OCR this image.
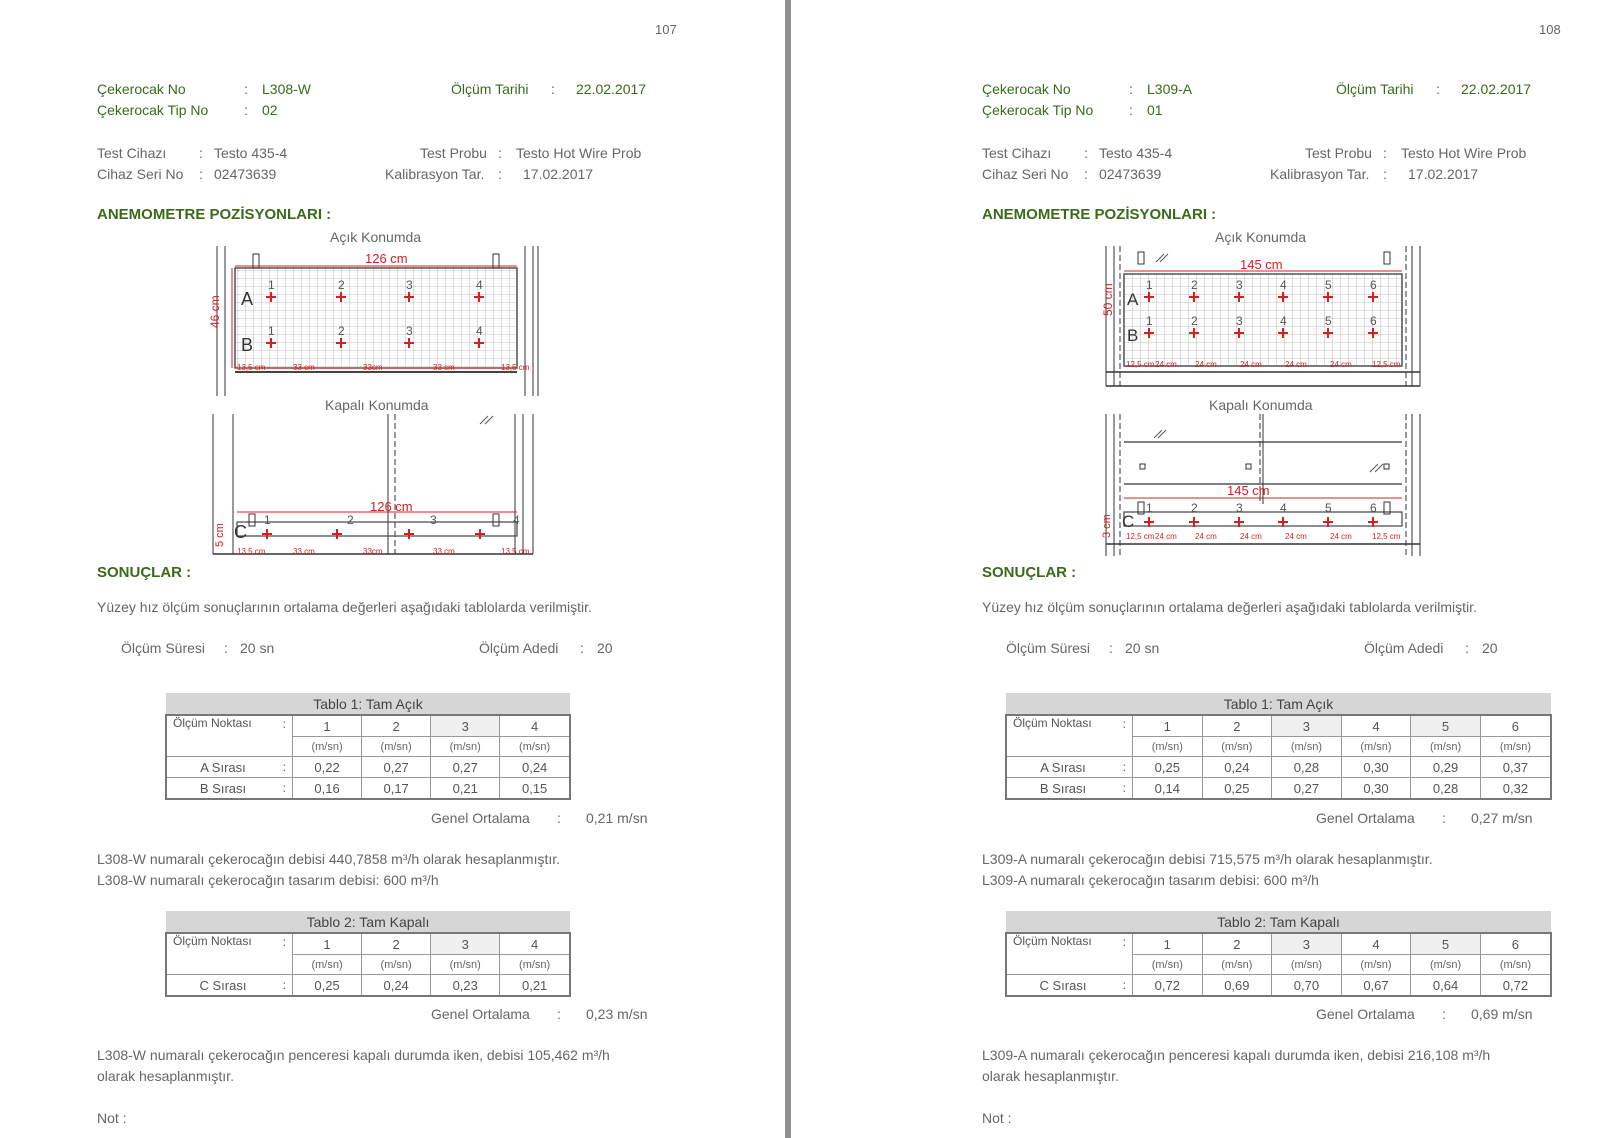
107
Çekerocak No	: L308-W	Ölçüm Tarihi : 22.02.2017
Çekerocak Tip No	: 02
Test Cihazı : Testo 435-4	Test Probu : Testo Hot Wire Prob
Cihaz Seri No : 02473639	Kalibrasyon Tar. : 17.02.2017
ANEMOMETRE POZİSYONLARI :
Açık Konumda
126 cm
46 cm A
B
1	2	3	4
1	2	3	4
13,5 cm	33 cm	33cm	33 cm	13,5 cm
Kapalı Konumda
126 cm
5 cm C
1	2	3	4
13,5 cm	33 cm	33cm	33 cm	13,5 cm
SONUÇLAR :
Yüzey hız ölçüm sonuçlarının ortalama değerleri aşağıdaki tablolarda verilmiştir.
Ölçüm Süresi : 20 sn	Ölçüm Adedi : 20
Tablo 1: Tam Açık					
Ölçüm Noktası	:	1	2	3	4
		(m/sn)	(m/sn)	(m/sn)	(m/sn)
A Sırası	:	0,22	0,27	0,27	0,24
B Sırası	:	0,16	0,17	0,21	0,15
Genel Ortalama : 0,21 m/sn
L308-W numaralı çekerocağın debisi 440,7858 m³/h olarak hesaplanmıştır.
L308-W numaralı çekerocağın tasarım debisi: 600 m³/h
Tablo 2: Tam Kapalı					
Ölçüm Noktası	:	1	2	3	4
		(m/sn)	(m/sn)	(m/sn)	(m/sn)
C Sırası	:	0,25	0,24	0,23	0,21
Genel Ortalama : 0,23 m/sn
L308-W numaralı çekerocağın penceresi kapalı durumda iken, debisi 105,462 m³/h
olarak hesaplanmıştır.
Not :
108
Çekerocak No	: L309-A	Ölçüm Tarihi : 22.02.2017
Çekerocak Tip No	: 01
Test Cihazı : Testo 435-4	Test Probu : Testo Hot Wire Prob
Cihaz Seri No : 02473639	Kalibrasyon Tar. : 17.02.2017
ANEMOMETRE POZİSYONLARI :
Açık Konumda
145 cm
50 cm A
B
1	2	3	4	5	6
1	2	3	4	5	6
12,5 cm 24 cm 24 cm	24 cm	24 cm	24 cm	12,5 cm
Kapalı Konumda
145 cm
3 cm C
1	2	3	4	5	6
12,5 cm 24 cm 24 cm	24 cm	24 cm	24 cm	12,5 cm
SONUÇLAR :
Yüzey hız ölçüm sonuçlarının ortalama değerleri aşağıdaki tablolarda verilmiştir.
Ölçüm Süresi : 20 sn	Ölçüm Adedi : 20
Tablo 1: Tam Açık							
Ölçüm Noktası	:	1	2	3	4	5	6
		(m/sn)	(m/sn)	(m/sn)	(m/sn)	(m/sn)	(m/sn)
A Sırası	:	0,25	0,24	0,28	0,30	0,29	0,37
B Sırası	:	0,14	0,25	0,27	0,30	0,28	0,32
Genel Ortalama : 0,27 m/sn
L309-A numaralı çekerocağın debisi 715,575 m³/h olarak hesaplanmıştır.
L309-A numaralı çekerocağın tasarım debisi: 600 m³/h
Tablo 2: Tam Kapalı							
Ölçüm Noktası	:	1	2	3	4	5	6
		(m/sn)	(m/sn)	(m/sn)	(m/sn)	(m/sn)	(m/sn)
C Sırası	:	0,72	0,69	0,70	0,67	0,64	0,72
Genel Ortalama : 0,69 m/sn
L309-A numaralı çekerocağın penceresi kapalı durumda iken, debisi 216,108 m³/h
olarak hesaplanmıştır.
Not :
